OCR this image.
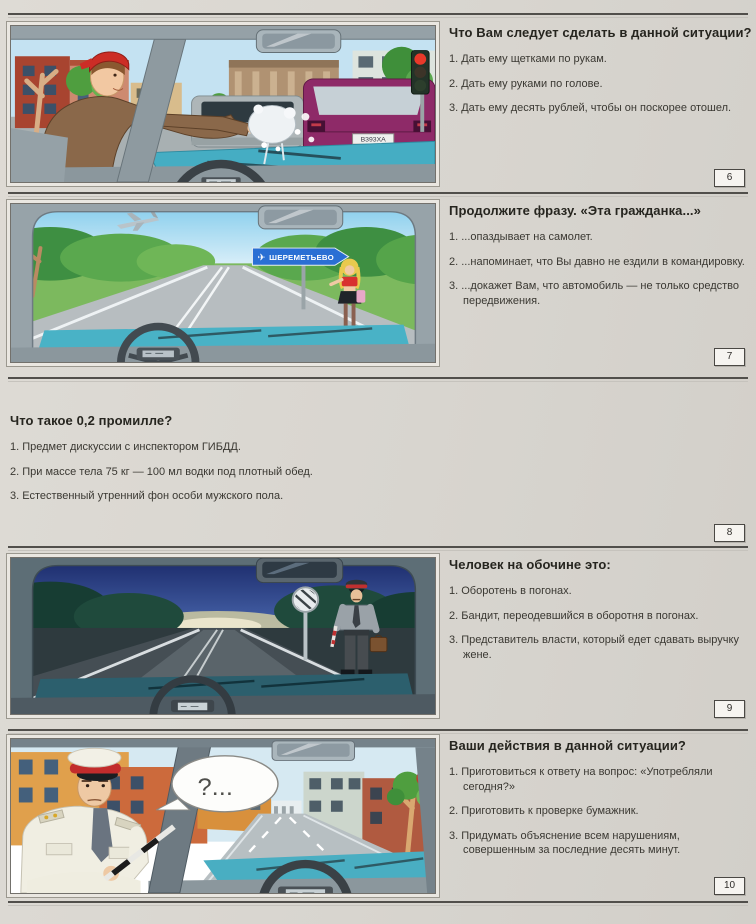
В393ХА
Что Вам следует сделать в данной ситуации?

1. Дать ему щетками по рукам.

2. Дать ему руками по голове.

3. Дать ему десять рублей, чтобы он поскорее отошел.

6
✈ ШЕРЕМЕТЬЕВО
Продолжите фразу. «Эта гражданка...»

1. ...опаздывает на самолет.

2. ...напоминает, что Вы давно не ездили в командировку.

3. ...докажет Вам, что автомобиль — не только средство передвижения.

7
Что такое 0,2 промилле?

1. Предмет дискуссии с инспектором ГИБДД.

2. При массе тела 75 кг — 100 мл водки под плотный обед.

3. Естественный утренний фон особи мужского пола.

8
Человек на обочине это:

1. Оборотень в погонах.

2. Бандит, переодевшийся в оборотня в погонах.

3. Представитель власти, который едет сдавать выручку жене.

9
?...
Ваши действия в данной ситуации?

1. Приготовиться к ответу на вопрос: «Употребляли сегодня?»

2. Приготовить к проверке бумажник.

3. Придумать объяснение всем нарушениям, совершенным за последние десять минут.

10
